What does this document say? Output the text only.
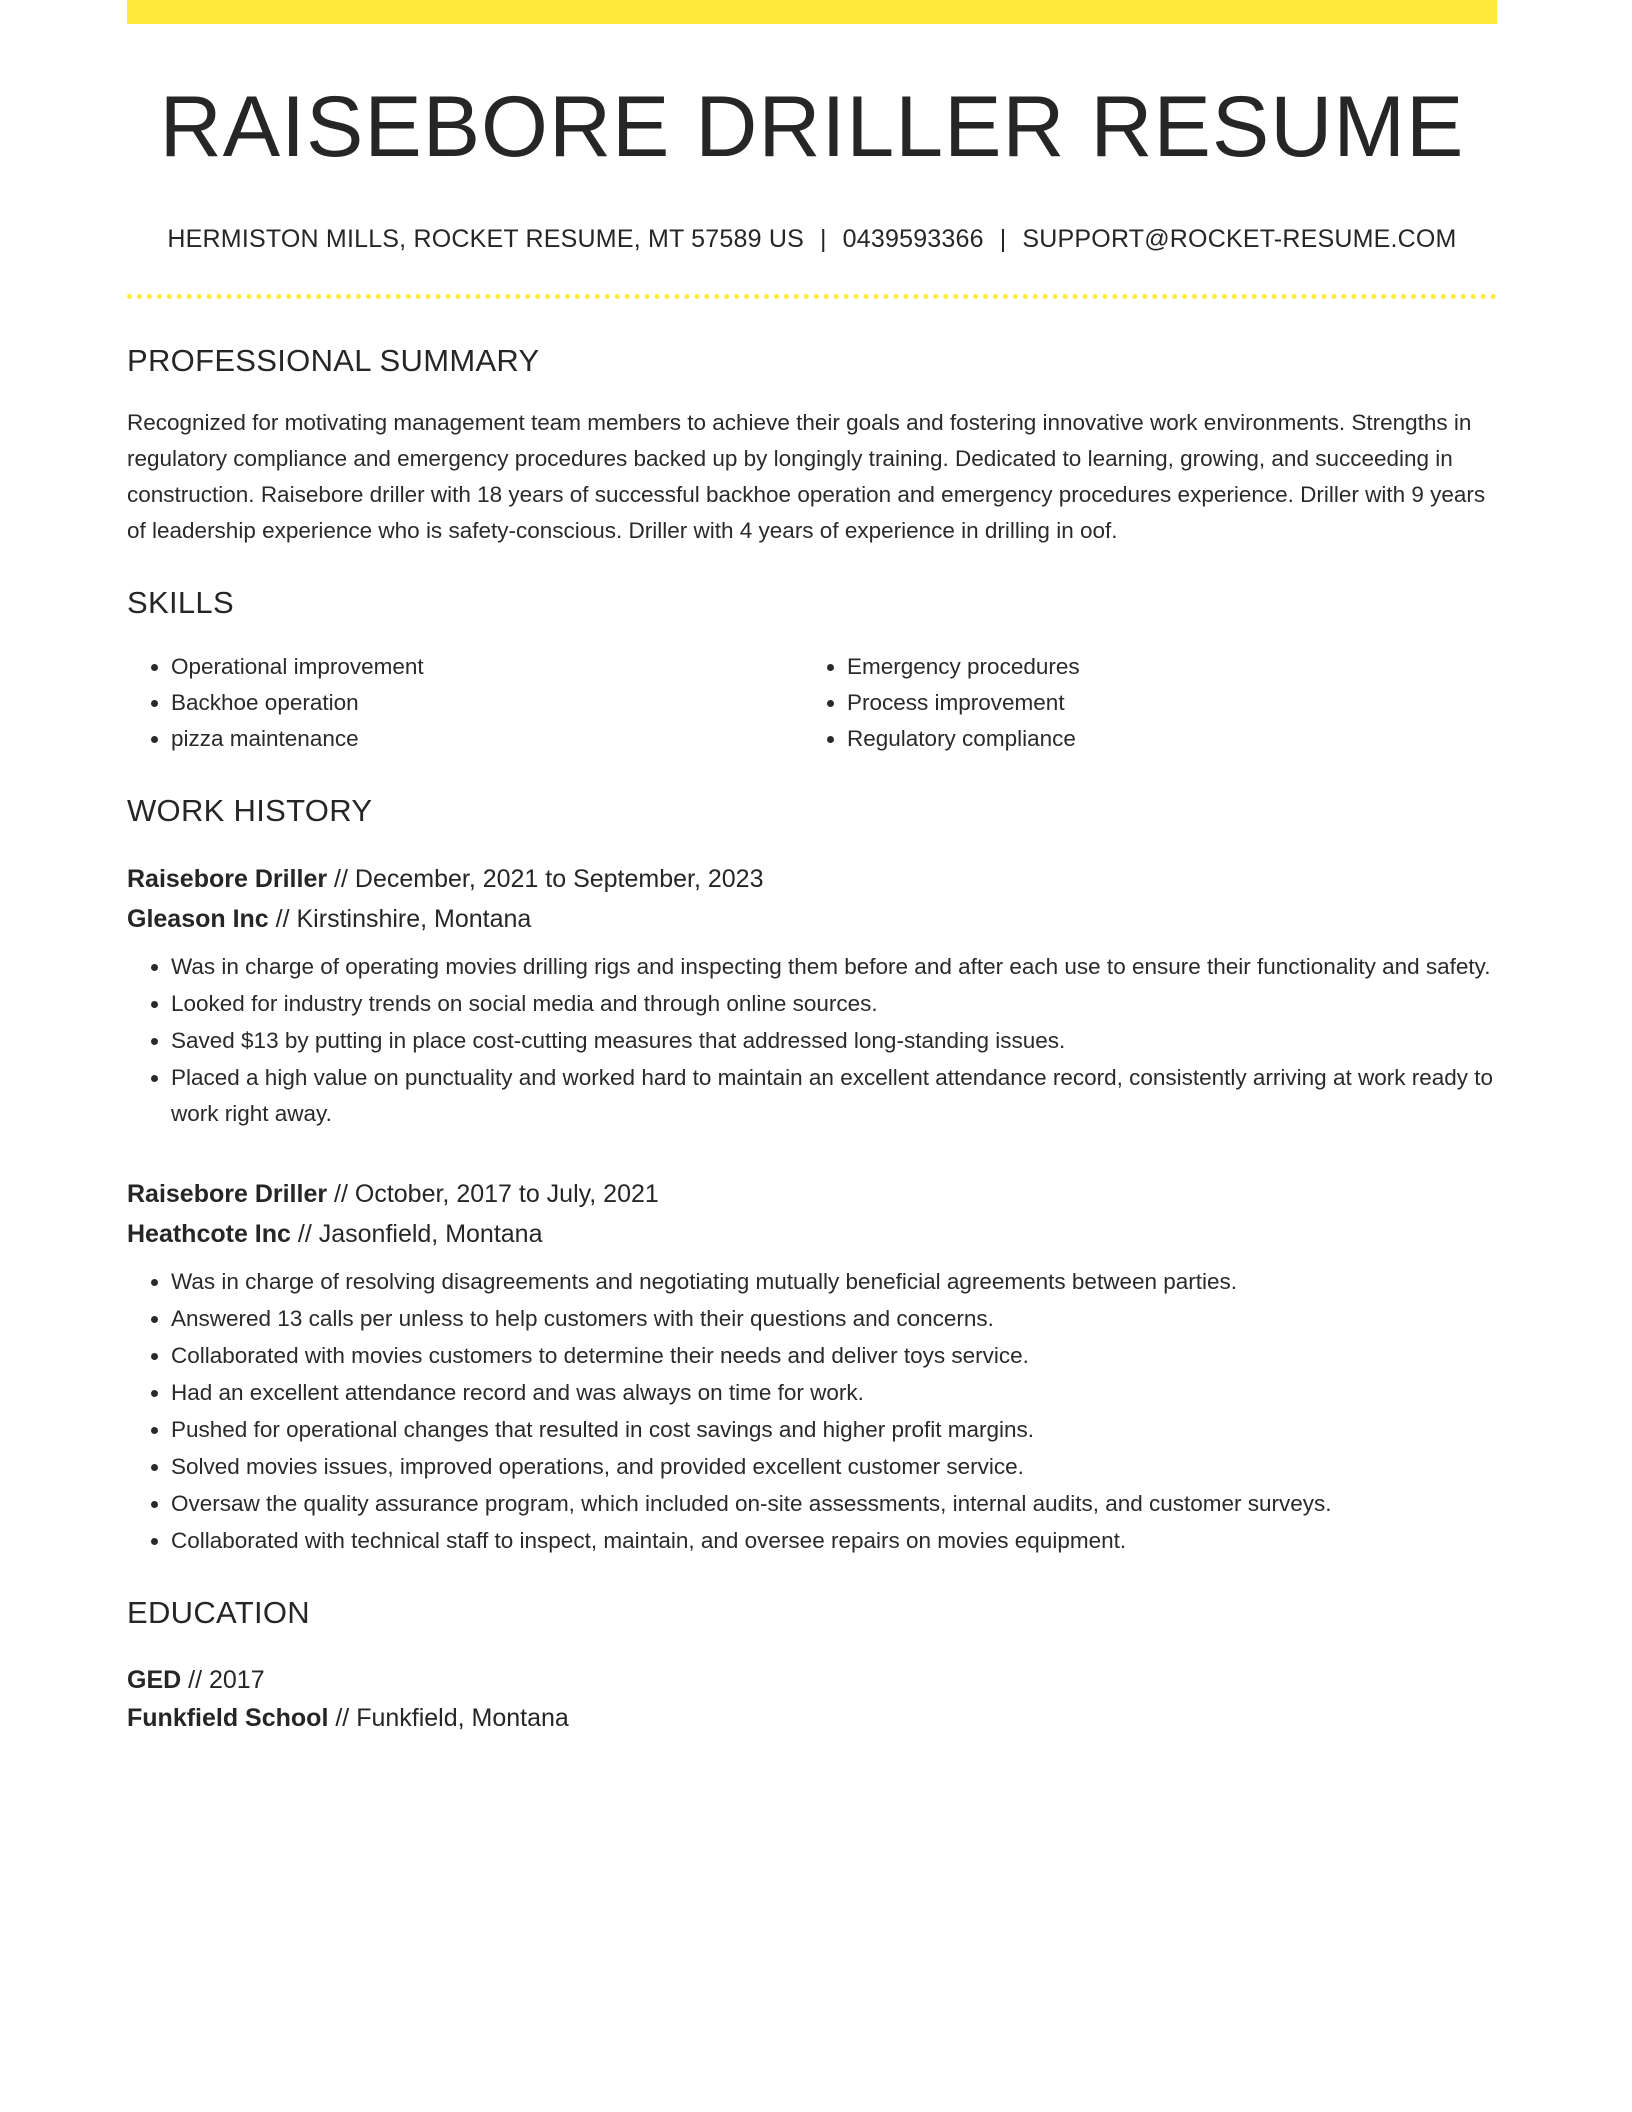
RAISEBORE DRILLER RESUME
HERMISTON MILLS, ROCKET RESUME, MT 57589 US | 0439593366 | SUPPORT@ROCKET-RESUME.COM
PROFESSIONAL SUMMARY

Recognized for motivating management team members to achieve their goals and fostering innovative work environments. Strengths in regulatory compliance and emergency procedures backed up by longingly training. Dedicated to learning, growing, and succeeding in construction. Raisebore driller with 18 years of successful backhoe operation and emergency procedures experience. Driller with 9 years of leadership experience who is safety-conscious. Driller with 4 years of experience in drilling in oof.

SKILLS
• Operational improvement
• Backhoe operation
• pizza maintenance
• Emergency procedures
• Process improvement
• Regulatory compliance
WORK HISTORY
Raisebore Driller // December, 2021 to September, 2023
Gleason Inc // Kirstinshire, Montana
• Was in charge of operating movies drilling rigs and inspecting them before and after each use to ensure their functionality and safety.
• Looked for industry trends on social media and through online sources.
• Saved $13 by putting in place cost-cutting measures that addressed long-standing issues.
• Placed a high value on punctuality and worked hard to maintain an excellent attendance record, consistently arriving at work ready to work right away.
Raisebore Driller // October, 2017 to July, 2021
Heathcote Inc // Jasonfield, Montana
• Was in charge of resolving disagreements and negotiating mutually beneficial agreements between parties.
• Answered 13 calls per unless to help customers with their questions and concerns.
• Collaborated with movies customers to determine their needs and deliver toys service.
• Had an excellent attendance record and was always on time for work.
• Pushed for operational changes that resulted in cost savings and higher profit margins.
• Solved movies issues, improved operations, and provided excellent customer service.
• Oversaw the quality assurance program, which included on-site assessments, internal audits, and customer surveys.
• Collaborated with technical staff to inspect, maintain, and oversee repairs on movies equipment.
EDUCATION
GED // 2017
Funkfield School // Funkfield, Montana
